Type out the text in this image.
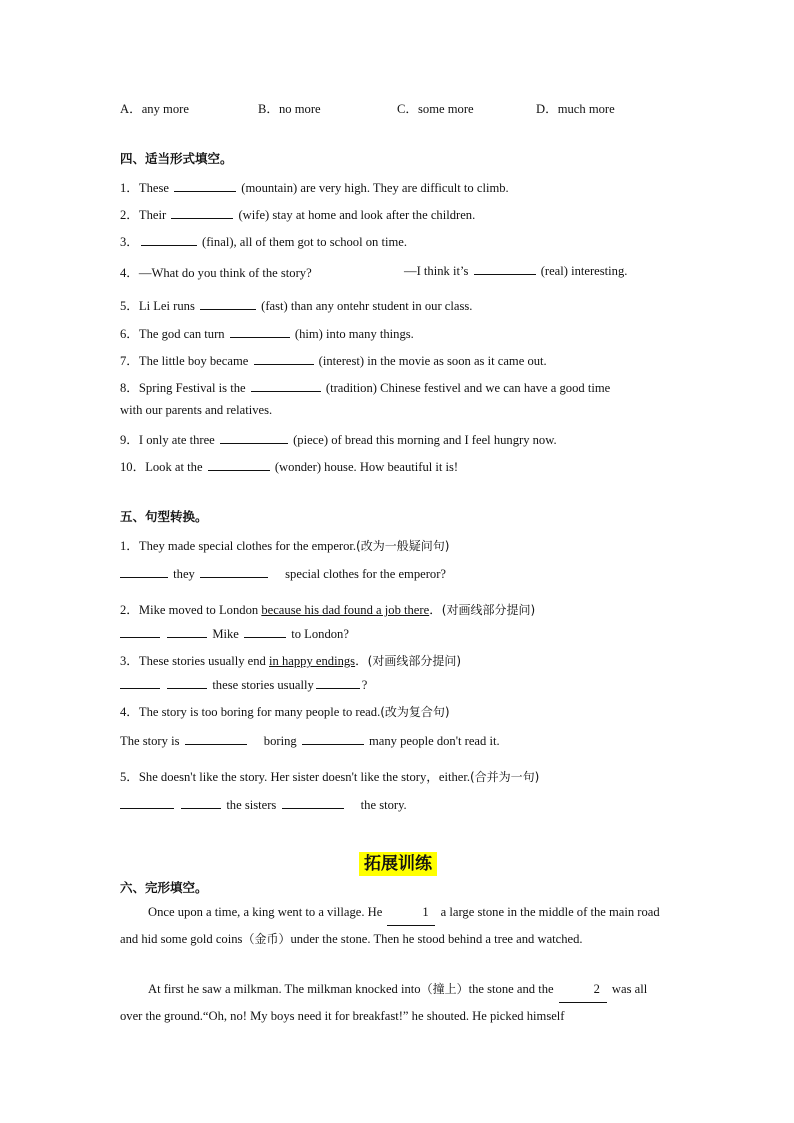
A．any more	B．no more	C．some more	D．much more
四、适当形式填空。
1．These	(mountain) are very high. They are difficult to climb.
2．Their	(wife) stay at home and look after the children.
3．	(final), all of them got to school on time.
4．—What do you think of the story?	—I think it’s	(real) interesting.
5．Li Lei runs	(fast) than any ontehr student in our class.
6．The god can turn	(him) into many things.
7．The little boy became	(interest) in the movie as soon as it came out.
8．Spring Festival is the	(tradition) Chinese festivel and we can have a good time
with our parents and relatives.
9．I only ate three	(piece) of bread this morning and I feel hungry now.
10．Look at the	(wonder) house. How beautiful it is!
五、句型转换。
1．They made special clothes for the emperor.(改为一般疑问句)
they	special clothes for the emperor?
2．Mike moved to London because his dad found a job there．(对画线部分提问)
Mike	to London?
3．These stories usually end in happy endings．(对画线部分提问)
these stories usually	?
4．The story is too boring for many people to read.(改为复合句)
The story is	boring	many people don't read it.
5．She doesn't like the story. Her sister doesn't like the story，either.(合并为一句)
the sisters	the story.
拓展训练
六、完形填空。
Once upon a time, a king went to a village. He	1 a large stone in the middle of the main road and hid some gold coins（金币）under the stone. Then he stood behind a tree and watched.
At first he saw a milkman. The milkman knocked into（撞上）the stone and the	2 was all over the ground.“Oh, no! My boys need it for breakfast!” he shouted. He picked himself
